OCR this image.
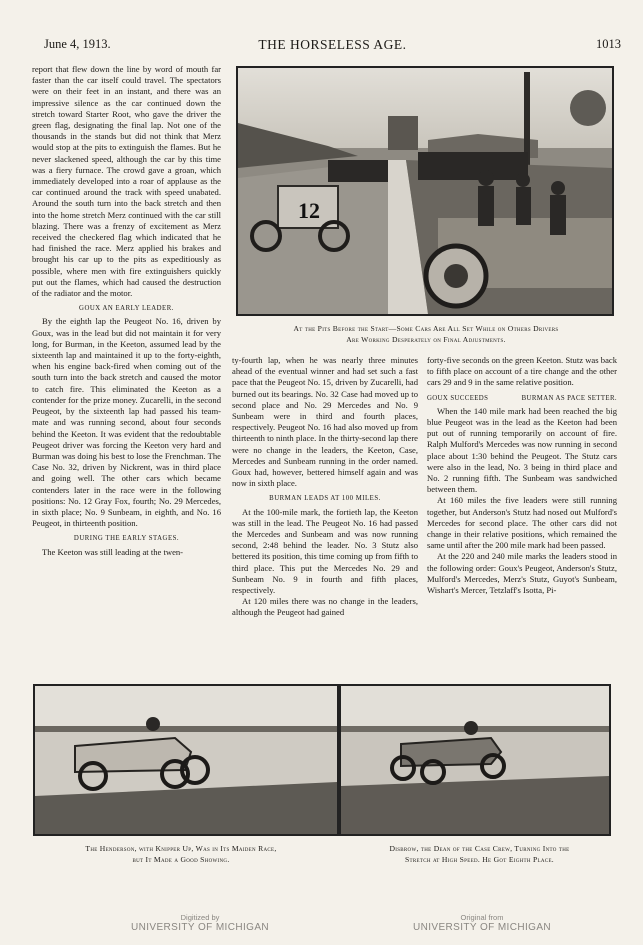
June 4, 1913.	THE HORSELESS AGE.	1013

report that flew down the line by word of mouth far faster than the car itself could travel. The spectators were on their feet in an instant, and there was an impressive silence as the car continued down the stretch toward Starter Root, who gave the driver the green flag, designating the final lap. Not one of the thousands in the stands but did not think that Merz would stop at the pits to extinguish the flames. But he never slackened speed, although the car by this time was a fiery furnace. The crowd gave a groan, which immediately developed into a roar of applause as the car continued around the track with speed unabated. Around the south turn into the back stretch and then into the home stretch Merz continued with the car still blazing. There was a frenzy of excitement as Merz received the checkered flag which indicated that he had finished the race. Merz applied his brakes and brought his car up to the pits as expeditiously as possible, where men with fire extinguishers quickly put out the flames, which had caused the destruction of the radiator and the motor.

GOUX AN EARLY LEADER.

By the eighth lap the Peugeot No. 16, driven by Goux, was in the lead but did not maintain it for very long, for Burman, in the Keeton, assumed lead by the sixteenth lap and maintained it up to the forty-eighth, when his engine back-fired when coming out of the south turn into the back stretch and caused the motor to catch fire. This eliminated the Keeton as a contender for the prize money. Zucarelli, in the second Peugeot, by the sixteenth lap had passed his team-mate and was running second, about four seconds behind the Keeton. It was evident that the redoubtable Peugeot driver was forcing the Keeton very hard and Burman was doing his best to lose the Frenchman. The Case No. 32, driven by Nickrent, was in third place and going well. The other cars which became contenders later in the race were in the following positions: No. 12 Gray Fox, fourth; No. 29 Mercedes, in sixth place; No. 9 Sunbeam, in eighth, and No. 16 Peugeot, in thirteenth position.

DURING THE EARLY STAGES.

The Keeton was still leading at the twen-

12
At the Pits Before the Start—Some Cars Are All Set While on Others Drivers
Are Working Desperately on Final Adjustments.

ty-fourth lap, when he was nearly three minutes ahead of the eventual winner and had set such a fast pace that the Peugeot No. 15, driven by Zucarelli, had burned out its bearings. No. 32 Case had moved up to second place and No. 29 Mercedes and No. 9 Sunbeam were in third and fourth places, respectively. Peugeot No. 16 had also moved up from thirteenth to ninth place. In the thirty-second lap there were no change in the leaders, the Keeton, Case, Mercedes and Sunbeam running in the order named. Goux had, however, bettered himself again and was now in sixth place.

BURMAN LEADS AT 100 MILES.

At the 100-mile mark, the fortieth lap, the Keeton was still in the lead. The Peugeot No. 16 had passed the Mercedes and Sunbeam and was now running second, 2:48 behind the leader. No. 3 Stutz also bettered its position, this time coming up from fifth to third place. This put the Mercedes No. 29 and Sunbeam No. 9 in fourth and fifth places, respectively.

At 120 miles there was no change in the leaders, although the Peugeot had gained

forty-five seconds on the green Keeton. Stutz was back to fifth place on account of a tire change and the other cars 29 and 9 in the same relative position.

GOUX SUCCEEDS	BURMAN AS PACE SETTER.

When the 140 mile mark had been reached the big blue Peugeot was in the lead as the Keeton had been put out of running temporarily on account of fire. Ralph Mulford's Mercedes was now running in second place about 1:30 behind the Peugeot. The Stutz cars were also in the lead, No. 3 being in third place and No. 2 running fifth. The Sunbeam was sandwiched between them.

At 160 miles the five leaders were still running together, but Anderson's Stutz had nosed out Mulford's Mercedes for second place. The other cars did not change in their relative positions, which remained the same until after the 200 mile mark had been passed.

At the 220 and 240 mile marks the leaders stood in the following order: Goux's Peugeot, Anderson's Stutz, Mulford's Mercedes, Merz's Stutz, Guyot's Sunbeam, Wishart's Mercer, Tetzlaff's Isotta, Pi-

The Henderson, with Knipper Up, Was in Its Maiden Race,
but It Made a Good Showing.
Disbrow, the Dean of the Case Crew, Turning Into the
Stretch at High Speed. He Got Eighth Place.
Digitized by
UNIVERSITY OF MICHIGAN
Original from
UNIVERSITY OF MICHIGAN
